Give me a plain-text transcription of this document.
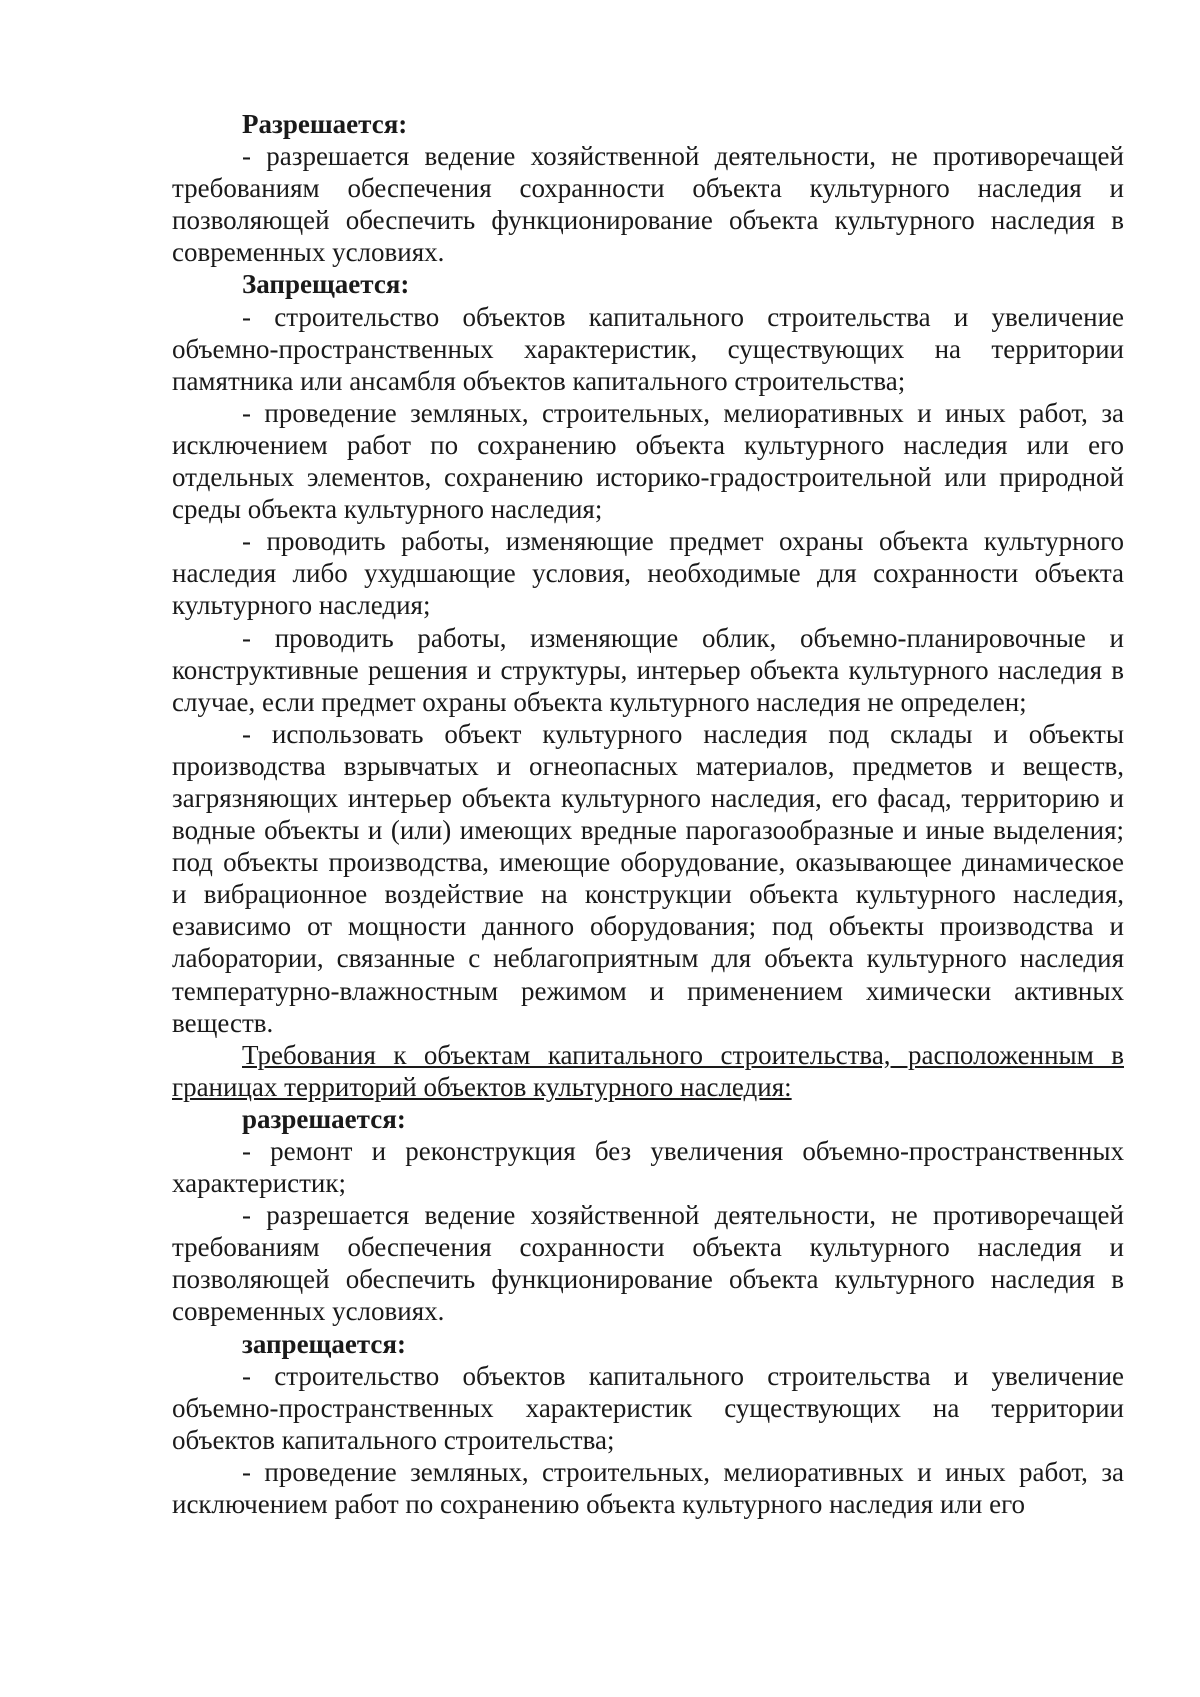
Разрешается:

- разрешается ведение хозяйственной деятельности, не противоречащей требованиям обеспечения сохранности объекта культурного наследия и позволяющей обеспечить функционирование объекта культурного наследия в современных условиях.

Запрещается:

- строительство объектов капитального строительства и увеличение объемно-пространственных характеристик, существующих на территории памятника или ансамбля объектов капитального строительства;

- проведение земляных, строительных, мелиоративных и иных работ, за исключением работ по сохранению объекта культурного наследия или его отдельных элементов, сохранению историко-градостроительной или природной среды объекта культурного наследия;

- проводить работы, изменяющие предмет охраны объекта культурного наследия либо ухудшающие условия, необходимые для сохранности объекта культурного наследия;

- проводить работы, изменяющие облик, объемно-планировочные и конструктивные решения и структуры, интерьер объекта культурного наследия в случае, если предмет охраны объекта культурного наследия не определен;

- использовать объект культурного наследия под склады и объекты производства взрывчатых и огнеопасных материалов, предметов и веществ, загрязняющих интерьер объекта культурного наследия, его фасад, территорию и водные объекты и (или) имеющих вредные парогазообразные и иные выделения; под объекты производства, имеющие оборудование, оказывающее динамическое и вибрационное воздействие на конструкции объекта культурного наследия, езависимо от мощности данного оборудования; под объекты производства и лаборатории, связанные с неблагоприятным для объекта культурного наследия температурно-влажностным режимом и применением химически активных веществ.

Требования к объектам капитального строительства, расположенным в границах территорий объектов культурного наследия:

разрешается:

- ремонт и реконструкция без увеличения объемно-пространственных характеристик;

- разрешается ведение хозяйственной деятельности, не противоречащей требованиям обеспечения сохранности объекта культурного наследия и позволяющей обеспечить функционирование объекта культурного наследия в современных условиях.

запрещается:

- строительство объектов капитального строительства и увеличение объемно-пространственных характеристик существующих на территории объектов капитального строительства;

- проведение земляных, строительных, мелиоративных и иных работ, за исключением работ по сохранению объекта культурного наследия или его
